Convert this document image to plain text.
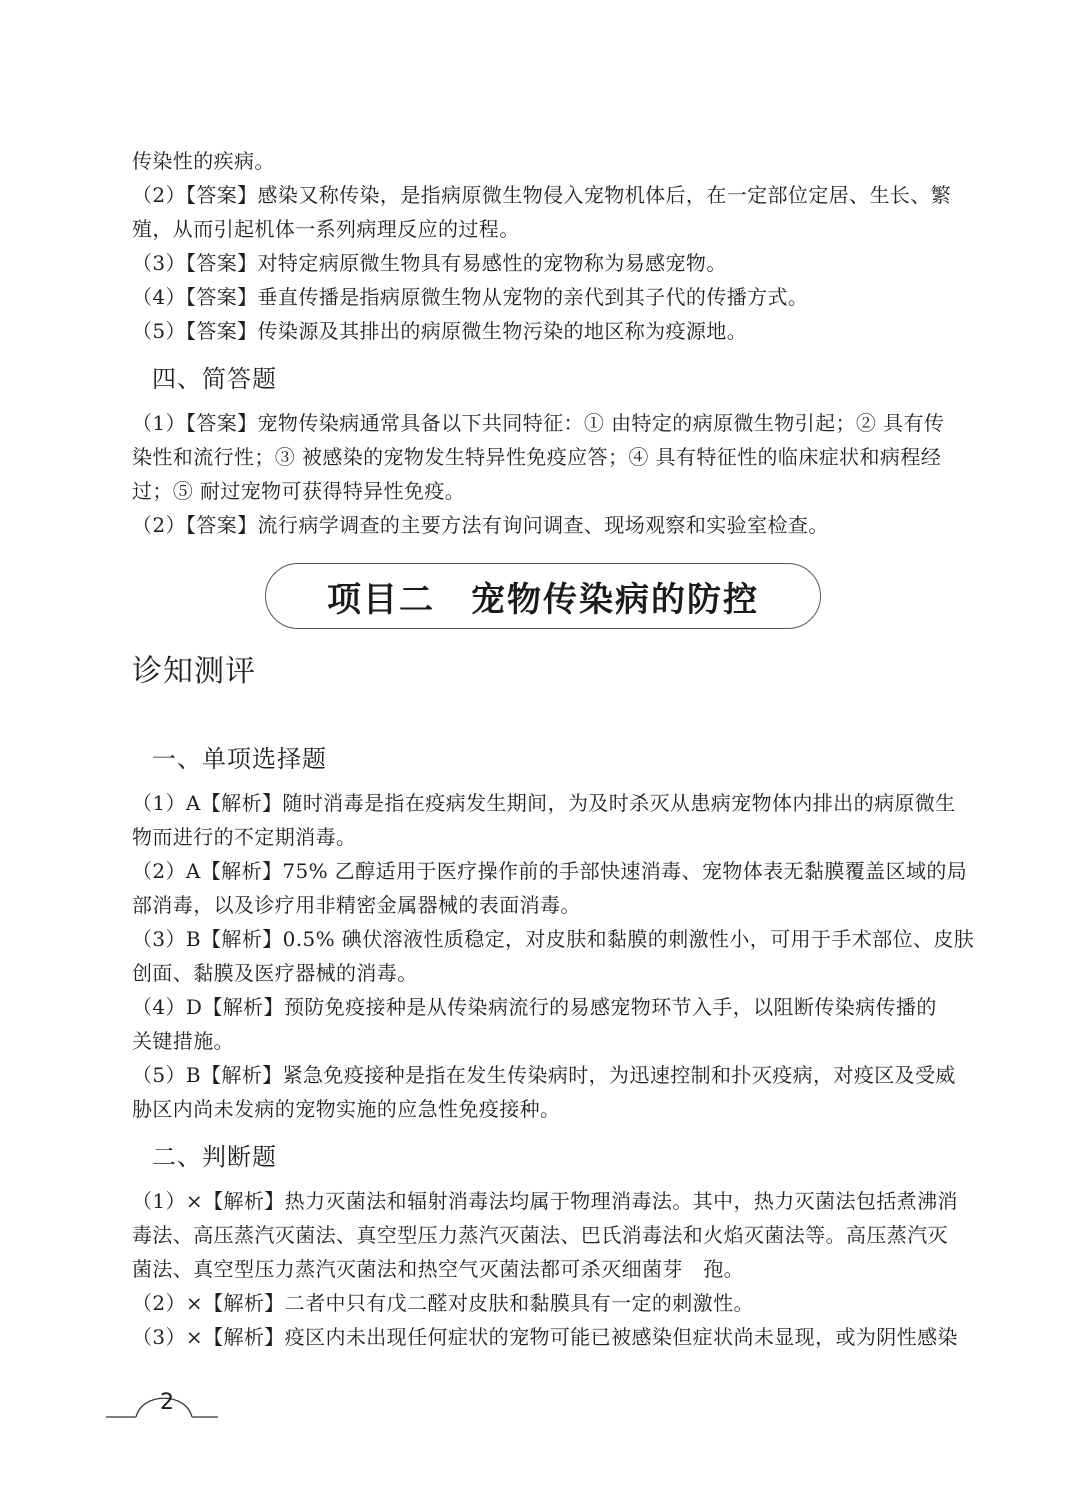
传染性的疾病。
（2）【答案】感染又称传染，是指病原微生物侵入宠物机体后，在一定部位定居、生长、繁
殖，从而引起机体一系列病理反应的过程。
（3）【答案】对特定病原微生物具有易感性的宠物称为易感宠物。
（4）【答案】垂直传播是指病原微生物从宠物的亲代到其子代的传播方式。
（5）【答案】传染源及其排出的病原微生物污染的地区称为疫源地。
四、简答题
（1）【答案】宠物传染病通常具备以下共同特征：① 由特定的病原微生物引起；② 具有传
染性和流行性；③ 被感染的宠物发生特异性免疫应答；④ 具有特征性的临床症状和病程经
过；⑤ 耐过宠物可获得特异性免疫。
（2）【答案】流行病学调查的主要方法有询问调查、现场观察和实验室检查。
诊知测评
一、单项选择题
（1）A【解析】随时消毒是指在疫病发生期间，为及时杀灭从患病宠物体内排出的病原微生
物而进行的不定期消毒。
（2）A【解析】75% 乙醇适用于医疗操作前的手部快速消毒、宠物体表无黏膜覆盖区域的局
部消毒，以及诊疗用非精密金属器械的表面消毒。
（3）B【解析】0.5% 碘伏溶液性质稳定，对皮肤和黏膜的刺激性小，可用于手术部位、皮肤
创面、黏膜及医疗器械的消毒。
（4）D【解析】预防免疫接种是从传染病流行的易感宠物环节入手，以阻断传染病传播的
关键措施。
（5）B【解析】紧急免疫接种是指在发生传染病时，为迅速控制和扑灭疫病，对疫区及受威
胁区内尚未发病的宠物实施的应急性免疫接种。
二、判断题
（1）×【解析】热力灭菌法和辐射消毒法均属于物理消毒法。其中，热力灭菌法包括煮沸消
毒法、高压蒸汽灭菌法、真空型压力蒸汽灭菌法、巴氏消毒法和火焰灭菌法等。高压蒸汽灭
菌法、真空型压力蒸汽灭菌法和热空气灭菌法都可杀灭细菌芽　孢。
（2）×【解析】二者中只有戊二醛对皮肤和黏膜具有一定的刺激性。
（3）×【解析】疫区内未出现任何症状的宠物可能已被感染但症状尚未显现，或为阴性感染
项目二　宠物传染病的防控
2
